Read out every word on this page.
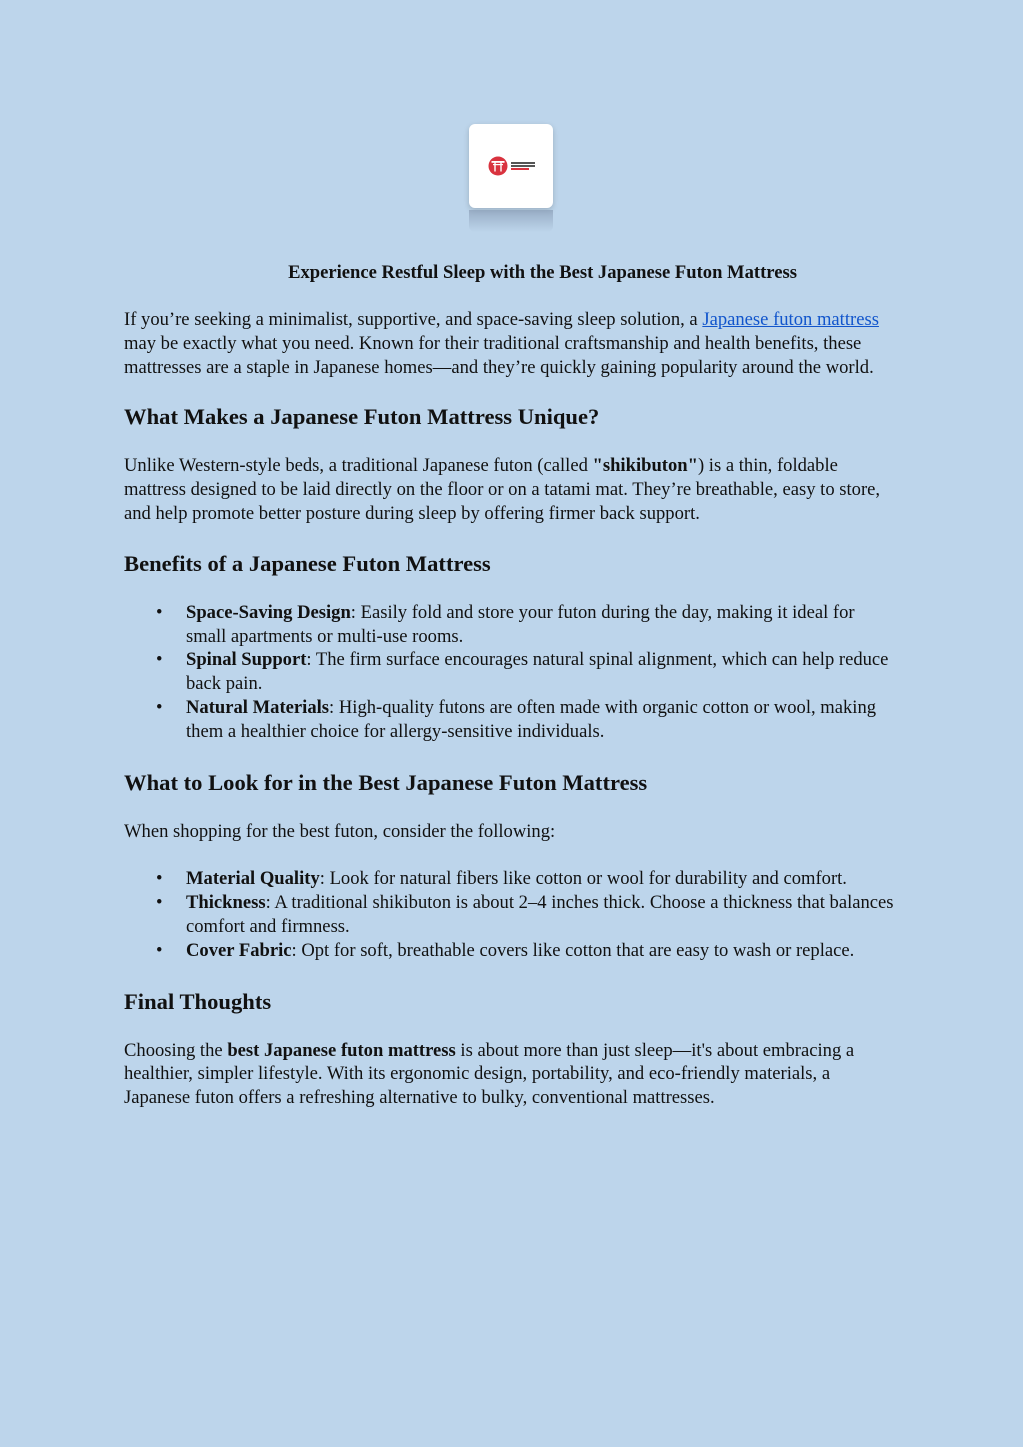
Experience Restful Sleep with the Best Japanese Futon Mattress

If you’re seeking a minimalist, supportive, and space-saving sleep solution, a Japanese futon mattress may be exactly what you need. Known for their traditional craftsmanship and health benefits, these mattresses are a staple in Japanese homes—and they’re quickly gaining popularity around the world.

What Makes a Japanese Futon Mattress Unique?

Unlike Western-style beds, a traditional Japanese futon (called "shikibuton") is a thin, foldable mattress designed to be laid directly on the floor or on a tatami mat. They’re breathable, easy to store, and help promote better posture during sleep by offering firmer back support.

Benefits of a Japanese Futon Mattress
• Space-Saving Design: Easily fold and store your futon during the day, making it ideal for small apartments or multi-use rooms.
• Spinal Support: The firm surface encourages natural spinal alignment, which can help reduce back pain.
• Natural Materials: High-quality futons are often made with organic cotton or wool, making them a healthier choice for allergy-sensitive individuals.
What to Look for in the Best Japanese Futon Mattress

When shopping for the best futon, consider the following:

• Material Quality: Look for natural fibers like cotton or wool for durability and comfort.
• Thickness: A traditional shikibuton is about 2–4 inches thick. Choose a thickness that balances comfort and firmness.
• Cover Fabric: Opt for soft, breathable covers like cotton that are easy to wash or replace.
Final Thoughts

Choosing the best Japanese futon mattress is about more than just sleep—it's about embracing a healthier, simpler lifestyle. With its ergonomic design, portability, and eco-friendly materials, a Japanese futon offers a refreshing alternative to bulky, conventional mattresses.
